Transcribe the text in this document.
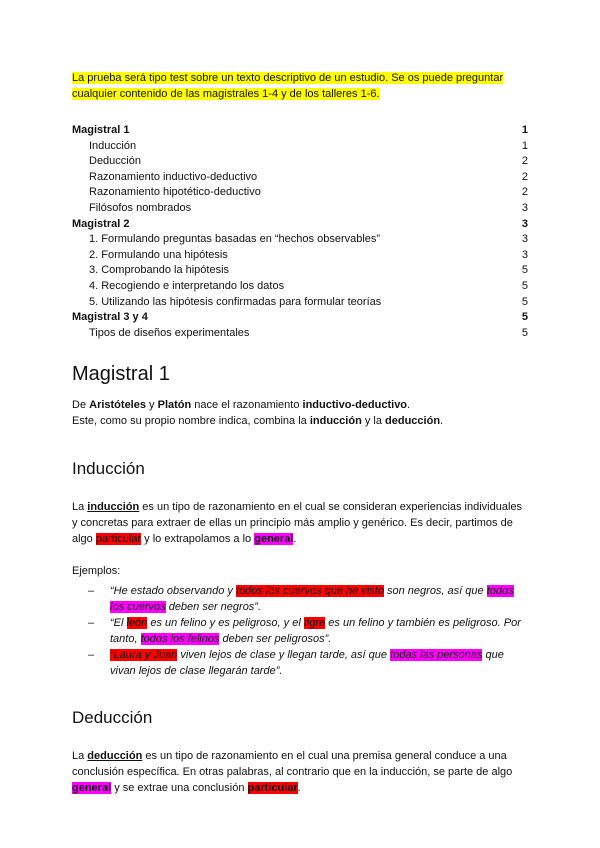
La prueba será tipo test sobre un texto descriptivo de un estudio. Se os puede preguntar cualquier contenido de las magistrales 1-4 y de los talleres 1-6.

Magistral 1	1
Inducción	1
Deducción	2
Razonamiento inductivo-deductivo	2
Razonamiento hipotético-deductivo	2
Filósofos nombrados	3
Magistral 2	3
1. Formulando preguntas basadas en “hechos observables”	3
2. Formulando una hipótesis	3
3. Comprobando la hipótesis	5
4. Recogiendo e interpretando los datos	5
5. Utilizando las hipótesis confirmadas para formular teorías	5
Magistral 3 y 4	5
Tipos de diseños experimentales	5
Magistral 1

De Aristóteles y Platón nace el razonamiento inductivo-deductivo.

Este, como su propio nombre indica, combina la inducción y la deducción.

Inducción

La inducción es un tipo de razonamiento en el cual se consideran experiencias individuales y concretas para extraer de ellas un principio más amplio y genérico. Es decir, partimos de algo particular y lo extrapolamos a lo general.

Ejemplos:

–	“He estado observando y todos los cuervos que he visto son negros, así que todos los cuervos deben ser negros”.
–	“El león es un felino y es peligroso, y el tigre es un felino y también es peligroso. Por tanto, todos los felinos deben ser peligrosos”.
–	“Laura y Juan viven lejos de clase y llegan tarde, así que todas las personas que vivan lejos de clase llegarán tarde”.
Deducción

La deducción es un tipo de razonamiento en el cual una premisa general conduce a una conclusión específica. En otras palabras, al contrario que en la inducción, se parte de algo general y se extrae una conclusión particular.
